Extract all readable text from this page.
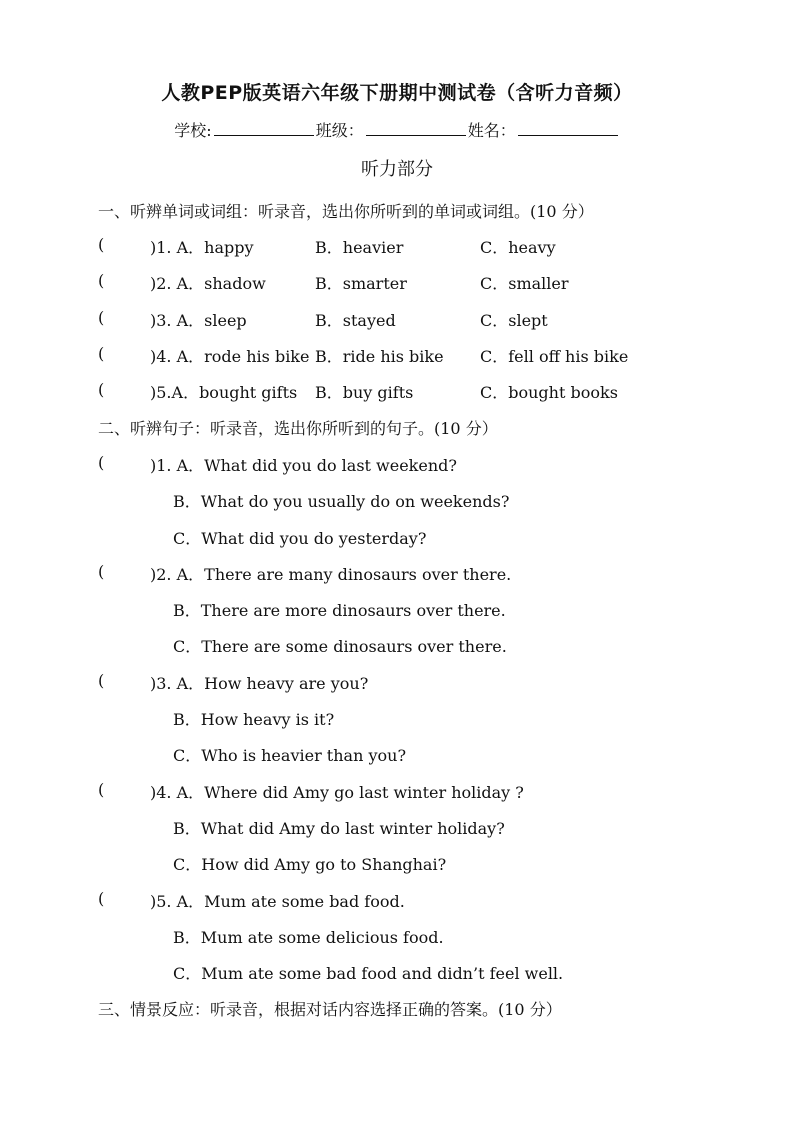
人教PEP版英语六年级下册期中测试卷（含听力音频）
学校:	班级：	姓名：
听力部分
一、听辨单词或词组：听录音，选出你所听到的单词或词组。(10 分）
(	)1. A．happy	B．heavier	C．heavy
(	)2. A．shadow	B．smarter	C．smaller
(	)3. A．sleep	B．stayed	C．slept
(	)4. A．rode his bike B．ride his bike C．fell off his bike
(	)5.A．bought gifts B．buy gifts	C．bought books
二、听辨句子：听录音，选出你所听到的句子。(10 分）
(	)1. A．What did you do last weekend?
B．What do you usually do on weekends?
C．What did you do yesterday?
(	)2. A．There are many dinosaurs over there.
B．There are more dinosaurs over there.
C．There are some dinosaurs over there.
(	)3. A．How heavy are you?
B．How heavy is it?
C．Who is heavier than you?
(	)4. A．Where did Amy go last winter holiday ?
B．What did Amy do last winter holiday?
C．How did Amy go to Shanghai?
(	)5. A．Mum ate some bad food.
B．Mum ate some delicious food.
C．Mum ate some bad food and didn’t feel well.
三、情景反应：听录音，根据对话内容选择正确的答案。(10 分）
